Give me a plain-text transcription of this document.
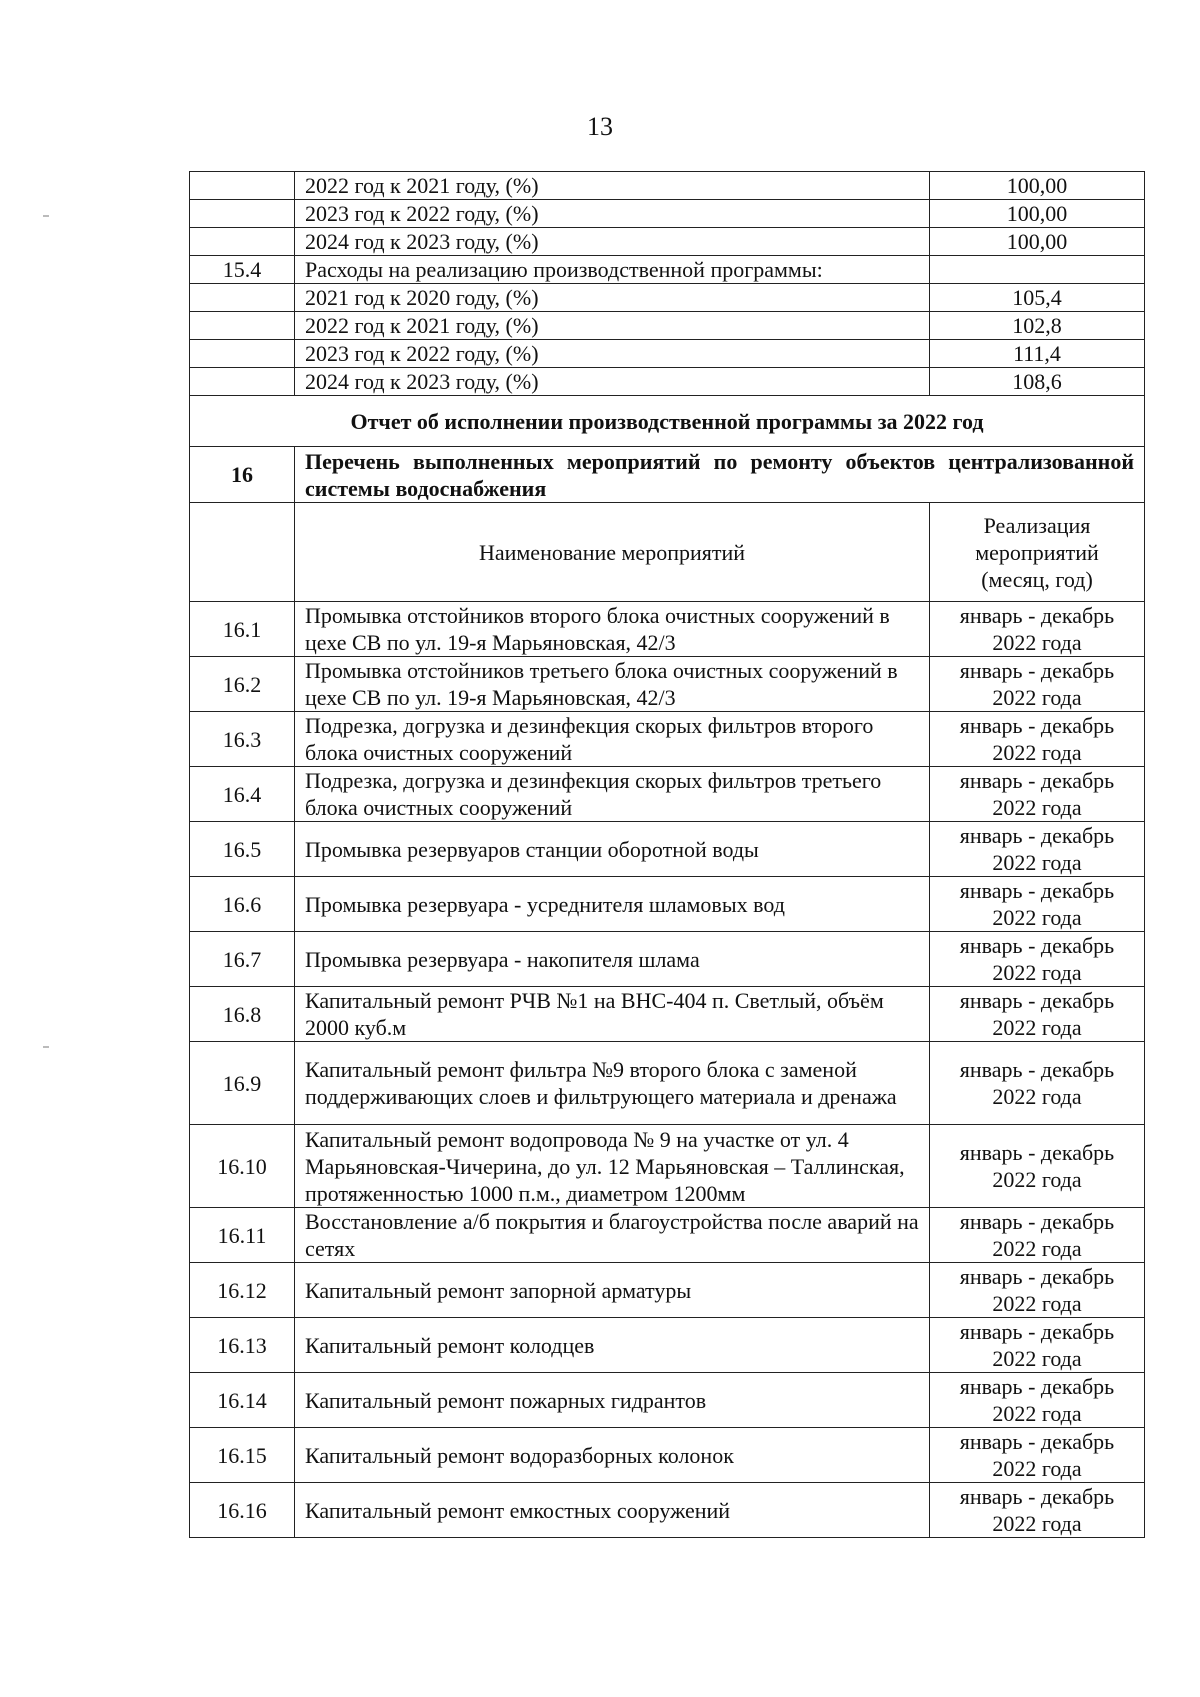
13
	2022 год к 2021 году, (%)	100,00
	2023 год к 2022 году, (%)	100,00
	2024 год к 2023 году, (%)	100,00
15.4	Расходы на реализацию производственной программы:	
	2021 год к 2020 году, (%)	105,4
	2022 год к 2021 году, (%)	102,8
	2023 год к 2022 году, (%)	111,4
	2024 год к 2023 году, (%)	108,6
Отчет об исполнении производственной программы за 2022 год		
16	Перечень выполненных мероприятий по ремонту объектов централизованной системы водоснабжения	
	Наименование мероприятий	Реализация мероприятий (месяц, год)
16.1	Промывка отстойников второго блока очистных сооружений в цехе СВ по ул. 19-я Марьяновская, 42/3	январь - декабрь
2022 года

16.2	Промывка отстойников третьего блока очистных сооружений в цехе СВ по ул. 19-я Марьяновская, 42/3	январь - декабрь
2022 года

16.3	Подрезка, догрузка и дезинфекция скорых фильтров второго блока очистных сооружений	январь - декабрь
2022 года

16.4	Подрезка, догрузка и дезинфекция скорых фильтров третьего блока очистных сооружений	январь - декабрь
2022 года

16.5	Промывка резервуаров станции оборотной воды	январь - декабрь
2022 года

16.6	Промывка резервуара - усреднителя шламовых вод	январь - декабрь
2022 года

16.7	Промывка резервуара - накопителя шлама	январь - декабрь
2022 года

16.8	Капитальный ремонт РЧВ №1 на ВНС-404 п. Светлый, объём 2000 куб.м	январь - декабрь
2022 года

16.9	Капитальный ремонт фильтра №9 второго блока с заменой поддерживающих слоев и фильтрующего материала и дренажа	январь - декабрь
2022 года

16.10	Капитальный ремонт водопровода № 9 на участке от ул. 4 Марьяновская-Чичерина, до ул. 12 Марьяновская – Таллинская, протяженностью 1000 п.м., диаметром 1200мм	январь - декабрь
2022 года

16.11	Восстановление а/б покрытия и благоустройства после аварий на сетях	январь - декабрь
2022 года

16.12	Капитальный ремонт запорной арматуры	январь - декабрь
2022 года

16.13	Капитальный ремонт колодцев	январь - декабрь
2022 года

16.14	Капитальный ремонт пожарных гидрантов	январь - декабрь
2022 года

16.15	Капитальный ремонт водоразборных колонок	январь - декабрь
2022 года

16.16	Капитальный ремонт емкостных сооружений	январь - декабрь
2022 года
